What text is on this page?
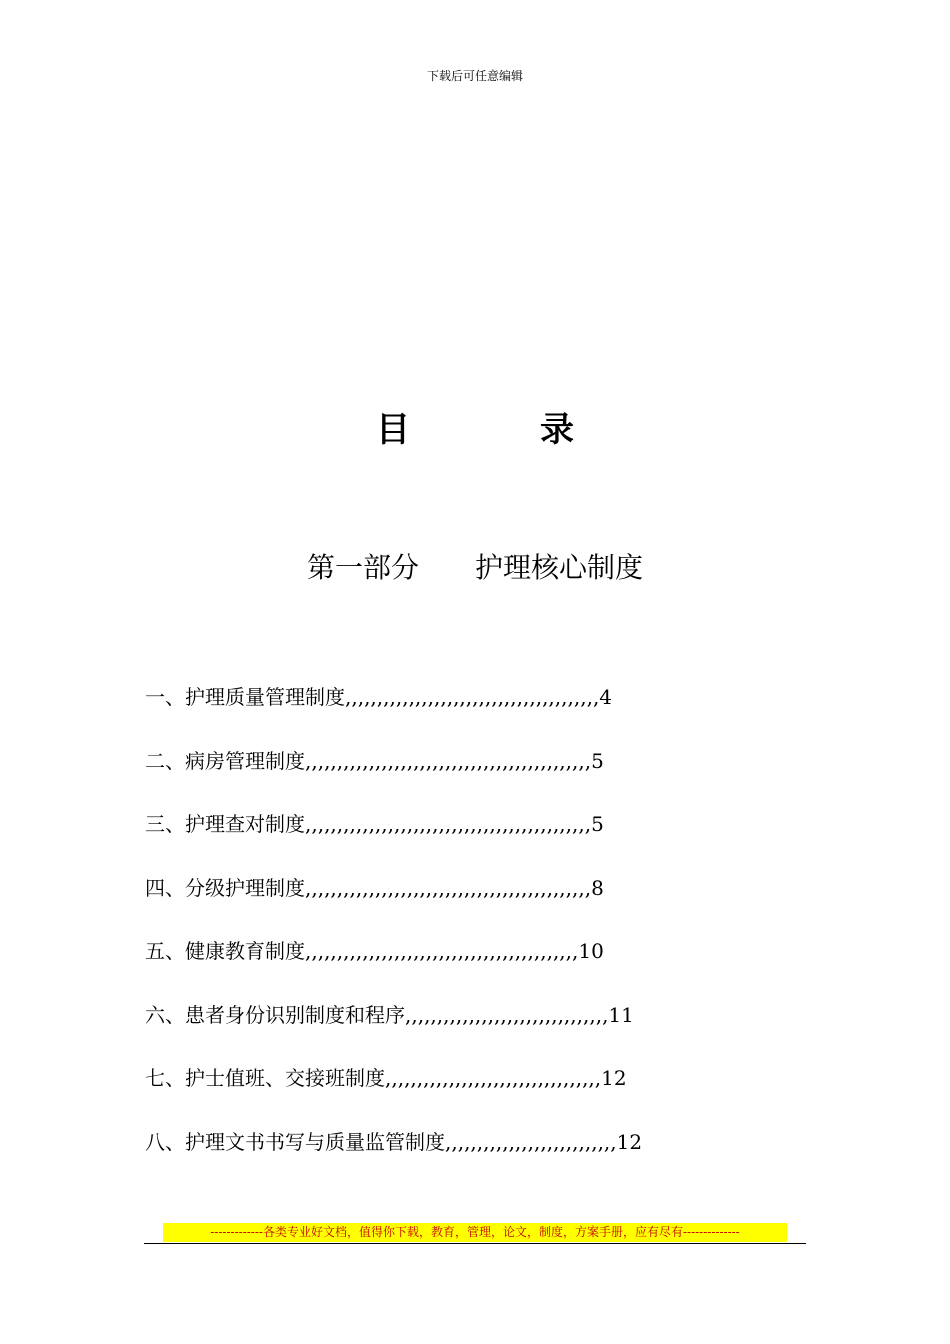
下载后可任意编辑
目	录
第一部分 护理核心制度
一、护理质量管理制度,,,,,,,,,,,,,,,,,,,,,,,,,,,,,,,,,,,,,,,,4
二、病房管理制度,,,,,,,,,,,,,,,,,,,,,,,,,,,,,,,,,,,,,,,,,,,,,5
三、护理查对制度,,,,,,,,,,,,,,,,,,,,,,,,,,,,,,,,,,,,,,,,,,,,,5
四、分级护理制度,,,,,,,,,,,,,,,,,,,,,,,,,,,,,,,,,,,,,,,,,,,,,8
五、健康教育制度,,,,,,,,,,,,,,,,,,,,,,,,,,,,,,,,,,,,,,,,,,,10
六、患者身份识别制度和程序,,,,,,,,,,,,,,,,,,,,,,,,,,,,,,,,11
七、护士值班、交接班制度,,,,,,,,,,,,,,,,,,,,,,,,,,,,,,,,,,12
八、护理文书书写与质量监管制度,,,,,,,,,,,,,,,,,,,,,,,,,,,12
-------------各类专业好文档，值得你下载，教育，管理，论文，制度，方案手册，应有尽有--------------
